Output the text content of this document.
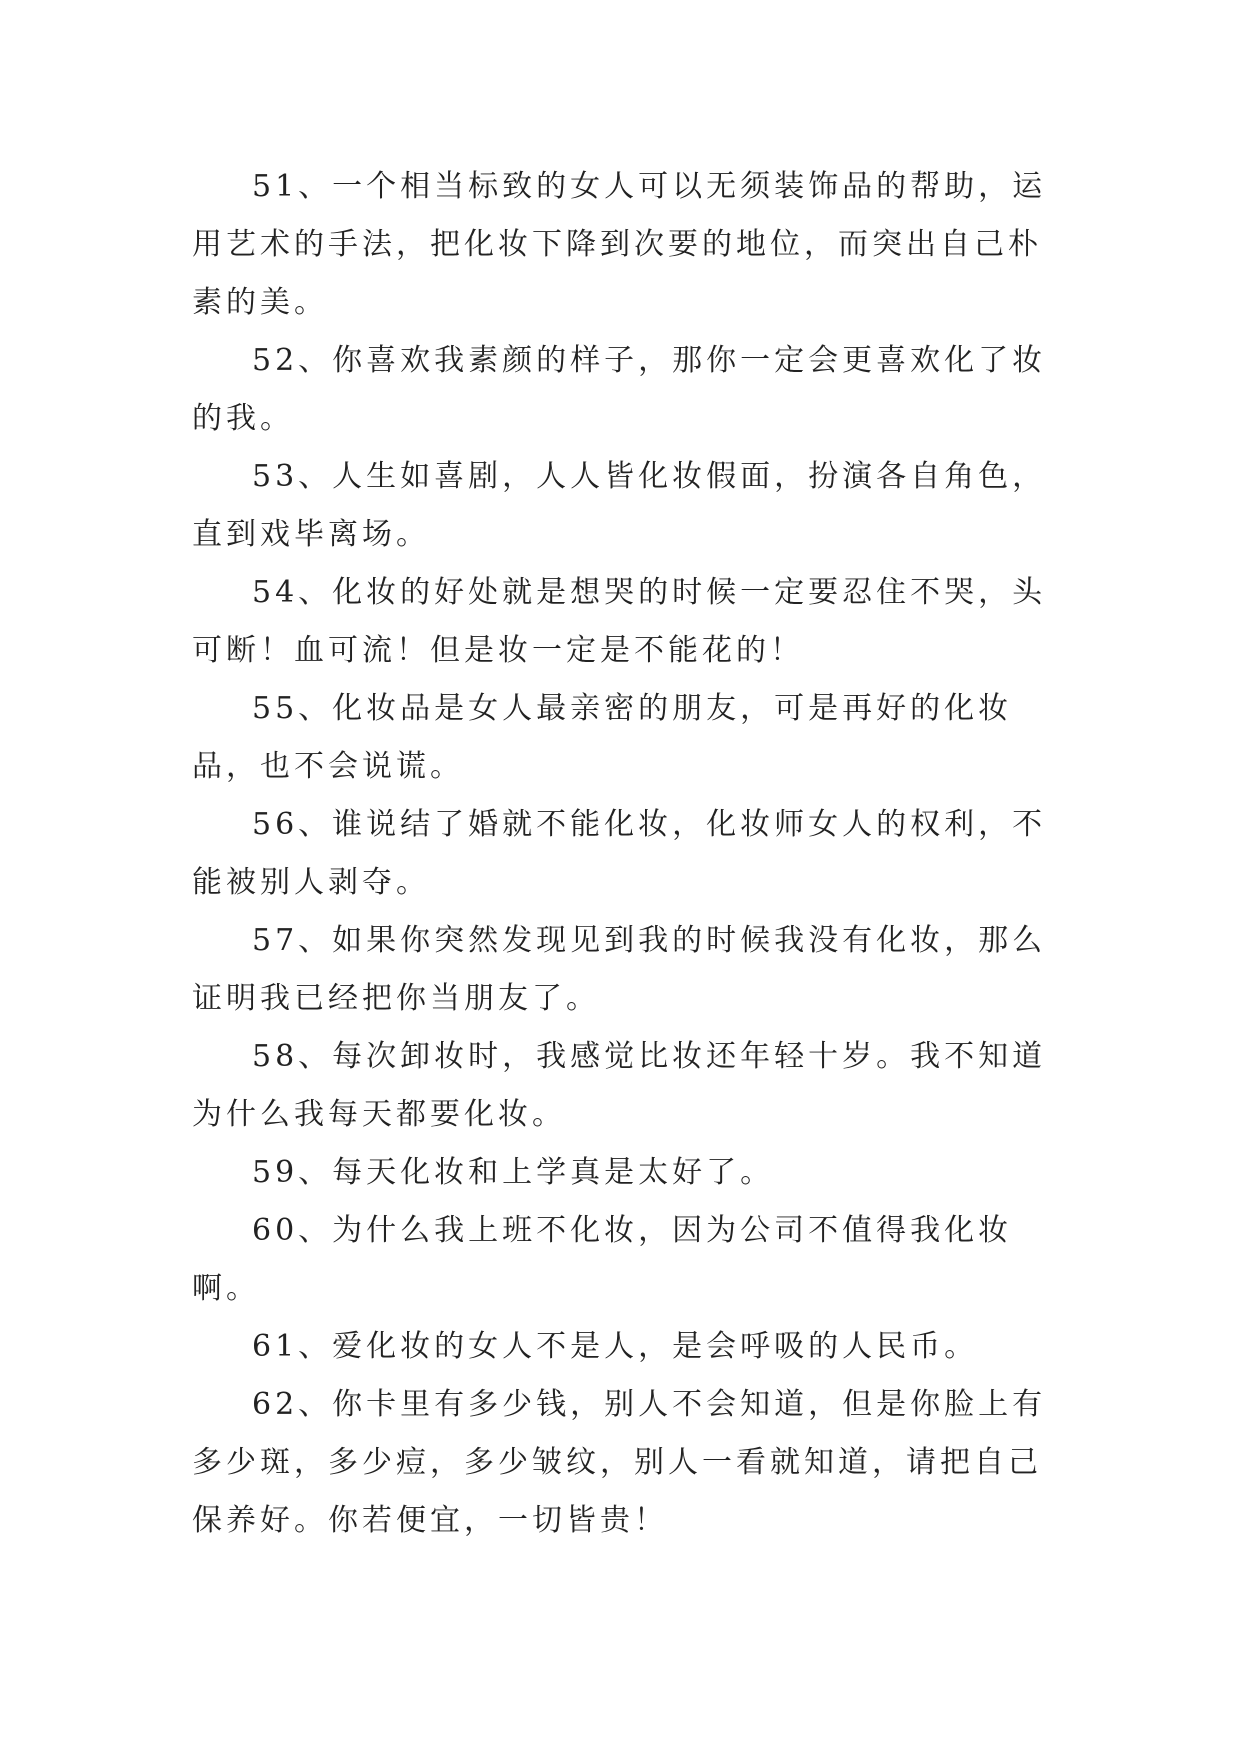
51、一个相当标致的女人可以无须装饰品的帮助，运用艺术的手法，把化妆下降到次要的地位，而突出自己朴素的美。

52、你喜欢我素颜的样子，那你一定会更喜欢化了妆的我。

53、人生如喜剧，人人皆化妆假面，扮演各自角色，直到戏毕离场。

54、化妆的好处就是想哭的时候一定要忍住不哭，头可断！血可流！但是妆一定是不能花的！

55、化妆品是女人最亲密的朋友，可是再好的化妆品，也不会说谎。

56、谁说结了婚就不能化妆，化妆师女人的权利，不能被别人剥夺。

57、如果你突然发现见到我的时候我没有化妆，那么证明我已经把你当朋友了。

58、每次卸妆时，我感觉比妆还年轻十岁。我不知道为什么我每天都要化妆。

59、每天化妆和上学真是太好了。

60、为什么我上班不化妆，因为公司不值得我化妆啊。

61、爱化妆的女人不是人，是会呼吸的人民币。

62、你卡里有多少钱，别人不会知道，但是你脸上有多少斑，多少痘，多少皱纹，别人一看就知道，请把自己保养好。你若便宜，一切皆贵！
